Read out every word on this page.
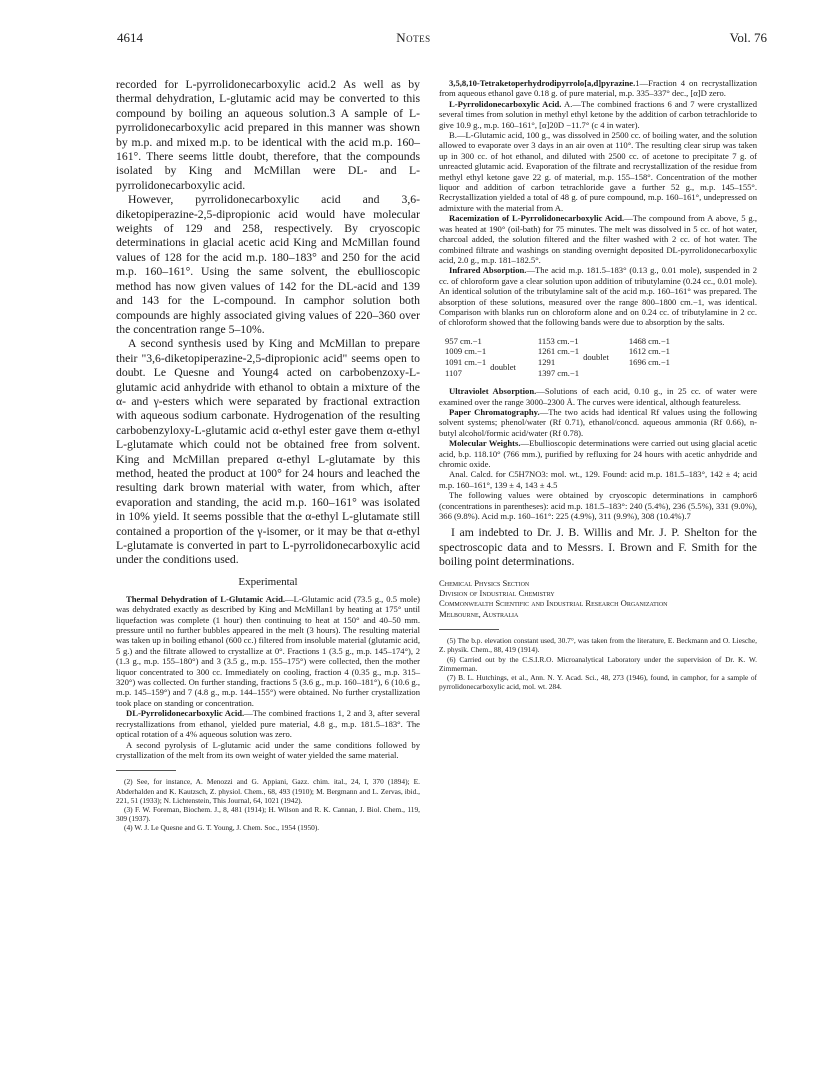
4614	Notes	Vol. 76

recorded for L-pyrrolidonecarboxylic acid.2 As well as by thermal dehydration, L-glutamic acid may be converted to this compound by boiling an aqueous solution.3 A sample of L-pyrrolidonecarboxylic acid prepared in this manner was shown by m.p. and mixed m.p. to be identical with the acid m.p. 160–161°. There seems little doubt, therefore, that the compounds isolated by King and McMillan were DL- and L-pyrrolidonecarboxylic acid.

However, pyrrolidonecarboxylic acid and 3,6-diketopiperazine-2,5-dipropionic acid would have molecular weights of 129 and 258, respectively. By cryoscopic determinations in glacial acetic acid King and McMillan found values of 128 for the acid m.p. 180–183° and 250 for the acid m.p. 160–161°. Using the same solvent, the ebullioscopic method has now given values of 142 for the DL-acid and 139 and 143 for the L-compound. In camphor solution both compounds are highly associated giving values of 220–360 over the concentration range 5–10%.

A second synthesis used by King and McMillan to prepare their "3,6-diketopiperazine-2,5-dipropionic acid" seems open to doubt. Le Quesne and Young4 acted on carbobenzoxy-L-glutamic acid anhydride with ethanol to obtain a mixture of the α- and γ-esters which were separated by fractional extraction with aqueous sodium carbonate. Hydrogenation of the resulting carbobenzyloxy-L-glutamic acid α-ethyl ester gave them α-ethyl L-glutamate which could not be obtained free from solvent. King and McMillan prepared α-ethyl L-glutamate by this method, heated the product at 100° for 24 hours and leached the resulting dark brown material with water, from which, after evaporation and standing, the acid m.p. 160–161° was isolated in 10% yield. It seems possible that the α-ethyl L-glutamate still contained a proportion of the γ-isomer, or it may be that α-ethyl L-glutamate is converted in part to L-pyrrolidonecarboxylic acid under the conditions used.

Experimental

Thermal Dehydration of L-Glutamic Acid.—L-Glutamic acid (73.5 g., 0.5 mole) was dehydrated exactly as described by King and McMillan1 by heating at 175° until liquefaction was complete (1 hour) then continuing to heat at 150° and 40–50 mm. pressure until no further bubbles appeared in the melt (3 hours). The resulting material was taken up in boiling ethanol (600 cc.) filtered from insoluble material (glutamic acid, 5 g.) and the filtrate allowed to crystallize at 0°. Fractions 1 (3.5 g., m.p. 145–174°), 2 (1.3 g., m.p. 155–180°) and 3 (3.5 g., m.p. 155–175°) were collected, then the mother liquor concentrated to 300 cc. Immediately on cooling, fraction 4 (0.35 g., m.p. 315–320°) was collected. On further standing, fractions 5 (3.6 g., m.p. 160–181°), 6 (10.6 g., m.p. 145–159°) and 7 (4.8 g., m.p. 144–155°) were obtained. No further crystallization took place on standing or concentration.

DL-Pyrrolidonecarboxylic Acid.—The combined fractions 1, 2 and 3, after several recrystallizations from ethanol, yielded pure material, 4.8 g., m.p. 181.5–183°. The optical rotation of a 4% aqueous solution was zero.

A second pyrolysis of L-glutamic acid under the same conditions followed by crystallization of the melt from its own weight of water yielded the same material.

(2) See, for instance, A. Menozzi and G. Appiani, Gazz. chim. ital., 24, I, 370 (1894); E. Abderhalden and K. Kautzsch, Z. physiol. Chem., 68, 493 (1910); M. Bergmann and L. Zervas, ibid., 221, 51 (1933); N. Lichtenstein, This Journal, 64, 1021 (1942).

(3) F. W. Foreman, Biochem. J., 8, 481 (1914); H. Wilson and R. K. Cannan, J. Biol. Chem., 119, 309 (1937).

(4) W. J. Le Quesne and G. T. Young, J. Chem. Soc., 1954 (1950).

3,5,8,10-Tetraketoperhydrodipyrrolo[a,d]pyrazine.1—Fraction 4 on recrystallization from aqueous ethanol gave 0.18 g. of pure material, m.p. 335–337° dec., [α]D zero.

L-Pyrrolidonecarboxylic Acid. A.—The combined fractions 6 and 7 were crystallized several times from solution in methyl ethyl ketone by the addition of carbon tetrachloride to give 10.9 g., m.p. 160–161°, [α]20D −11.7° (c 4 in water).

B.—L-Glutamic acid, 100 g., was dissolved in 2500 cc. of boiling water, and the solution allowed to evaporate over 3 days in an air oven at 110°. The resulting clear sirup was taken up in 300 cc. of hot ethanol, and diluted with 2500 cc. of acetone to precipitate 7 g. of unreacted glutamic acid. Evaporation of the filtrate and recrystallization of the residue from methyl ethyl ketone gave 22 g. of material, m.p. 155–158°. Concentration of the mother liquor and addition of carbon tetrachloride gave a further 52 g., m.p. 145–155°. Recrystallization yielded a total of 48 g. of pure compound, m.p. 160–161°, undepressed on admixture with the material from A.

Racemization of L-Pyrrolidonecarboxylic Acid.—The compound from A above, 5 g., was heated at 190° (oil-bath) for 75 minutes. The melt was dissolved in 5 cc. of hot water, charcoal added, the solution filtered and the filter washed with 2 cc. of hot water. The combined filtrate and washings on standing overnight deposited DL-pyrrolidonecarboxylic acid, 2.0 g., m.p. 181–182.5°.

Infrared Absorption.—The acid m.p. 181.5–183° (0.13 g., 0.01 mole), suspended in 2 cc. of chloroform gave a clear solution upon addition of tributylamine (0.24 cc., 0.01 mole). An identical solution of the tributylamine salt of the acid m.p. 160–161° was prepared. The absorption of these solutions, measured over the range 800–1800 cm.−1, was identical. Comparison with blanks run on chloroform alone and on 0.24 cc. of tributylamine in 2 cc. of chloroform showed that the following bands were due to absorption by the salts.

957 cm.−1			1153 cm.−1		1468 cm.−1
1009 cm.−1			1261 cm.−1	doublet	1612 cm.−1
1091 cm.−1	doublet		1291		1696 cm.−1
1107			1397 cm.−1		

Ultraviolet Absorption.—Solutions of each acid, 0.10 g., in 25 cc. of water were examined over the range 3000–2300 Å. The curves were identical, although featureless.

Paper Chromatography.—The two acids had identical Rf values using the following solvent systems; phenol/water (Rf 0.71), ethanol/concd. aqueous ammonia (Rf 0.66), n-butyl alcohol/formic acid/water (Rf 0.78).

Molecular Weights.—Ebullioscopic determinations were carried out using glacial acetic acid, b.p. 118.10° (766 mm.), purified by refluxing for 24 hours with acetic anhydride and chromic oxide.

Anal. Calcd. for C5H7NO3: mol. wt., 129. Found: acid m.p. 181.5–183°, 142 ± 4; acid m.p. 160–161°, 139 ± 4, 143 ± 4.5

The following values were obtained by cryoscopic determinations in camphor6 (concentrations in parentheses): acid m.p. 181.5–183°: 240 (5.4%), 236 (5.5%), 331 (9.0%), 366 (9.8%). Acid m.p. 160–161°: 225 (4.9%), 311 (9.9%), 308 (10.4%).7

I am indebted to Dr. J. B. Willis and Mr. J. P. Shelton for the spectroscopic data and to Messrs. I. Brown and F. Smith for the boiling point determinations.

Chemical Physics Section
Division of Industrial Chemistry
Commonwealth Scientific and Industrial Research Organization
Melbourne, Australia

(5) The b.p. elevation constant used, 30.7°, was taken from the literature, E. Beckmann and O. Liesche, Z. physik. Chem., 88, 419 (1914).

(6) Carried out by the C.S.I.R.O. Microanalytical Laboratory under the supervision of Dr. K. W. Zimmerman.

(7) B. L. Hutchings, et al., Ann. N. Y. Acad. Sci., 48, 273 (1946), found, in camphor, for a sample of pyrrolidonecarboxylic acid, mol. wt. 284.
